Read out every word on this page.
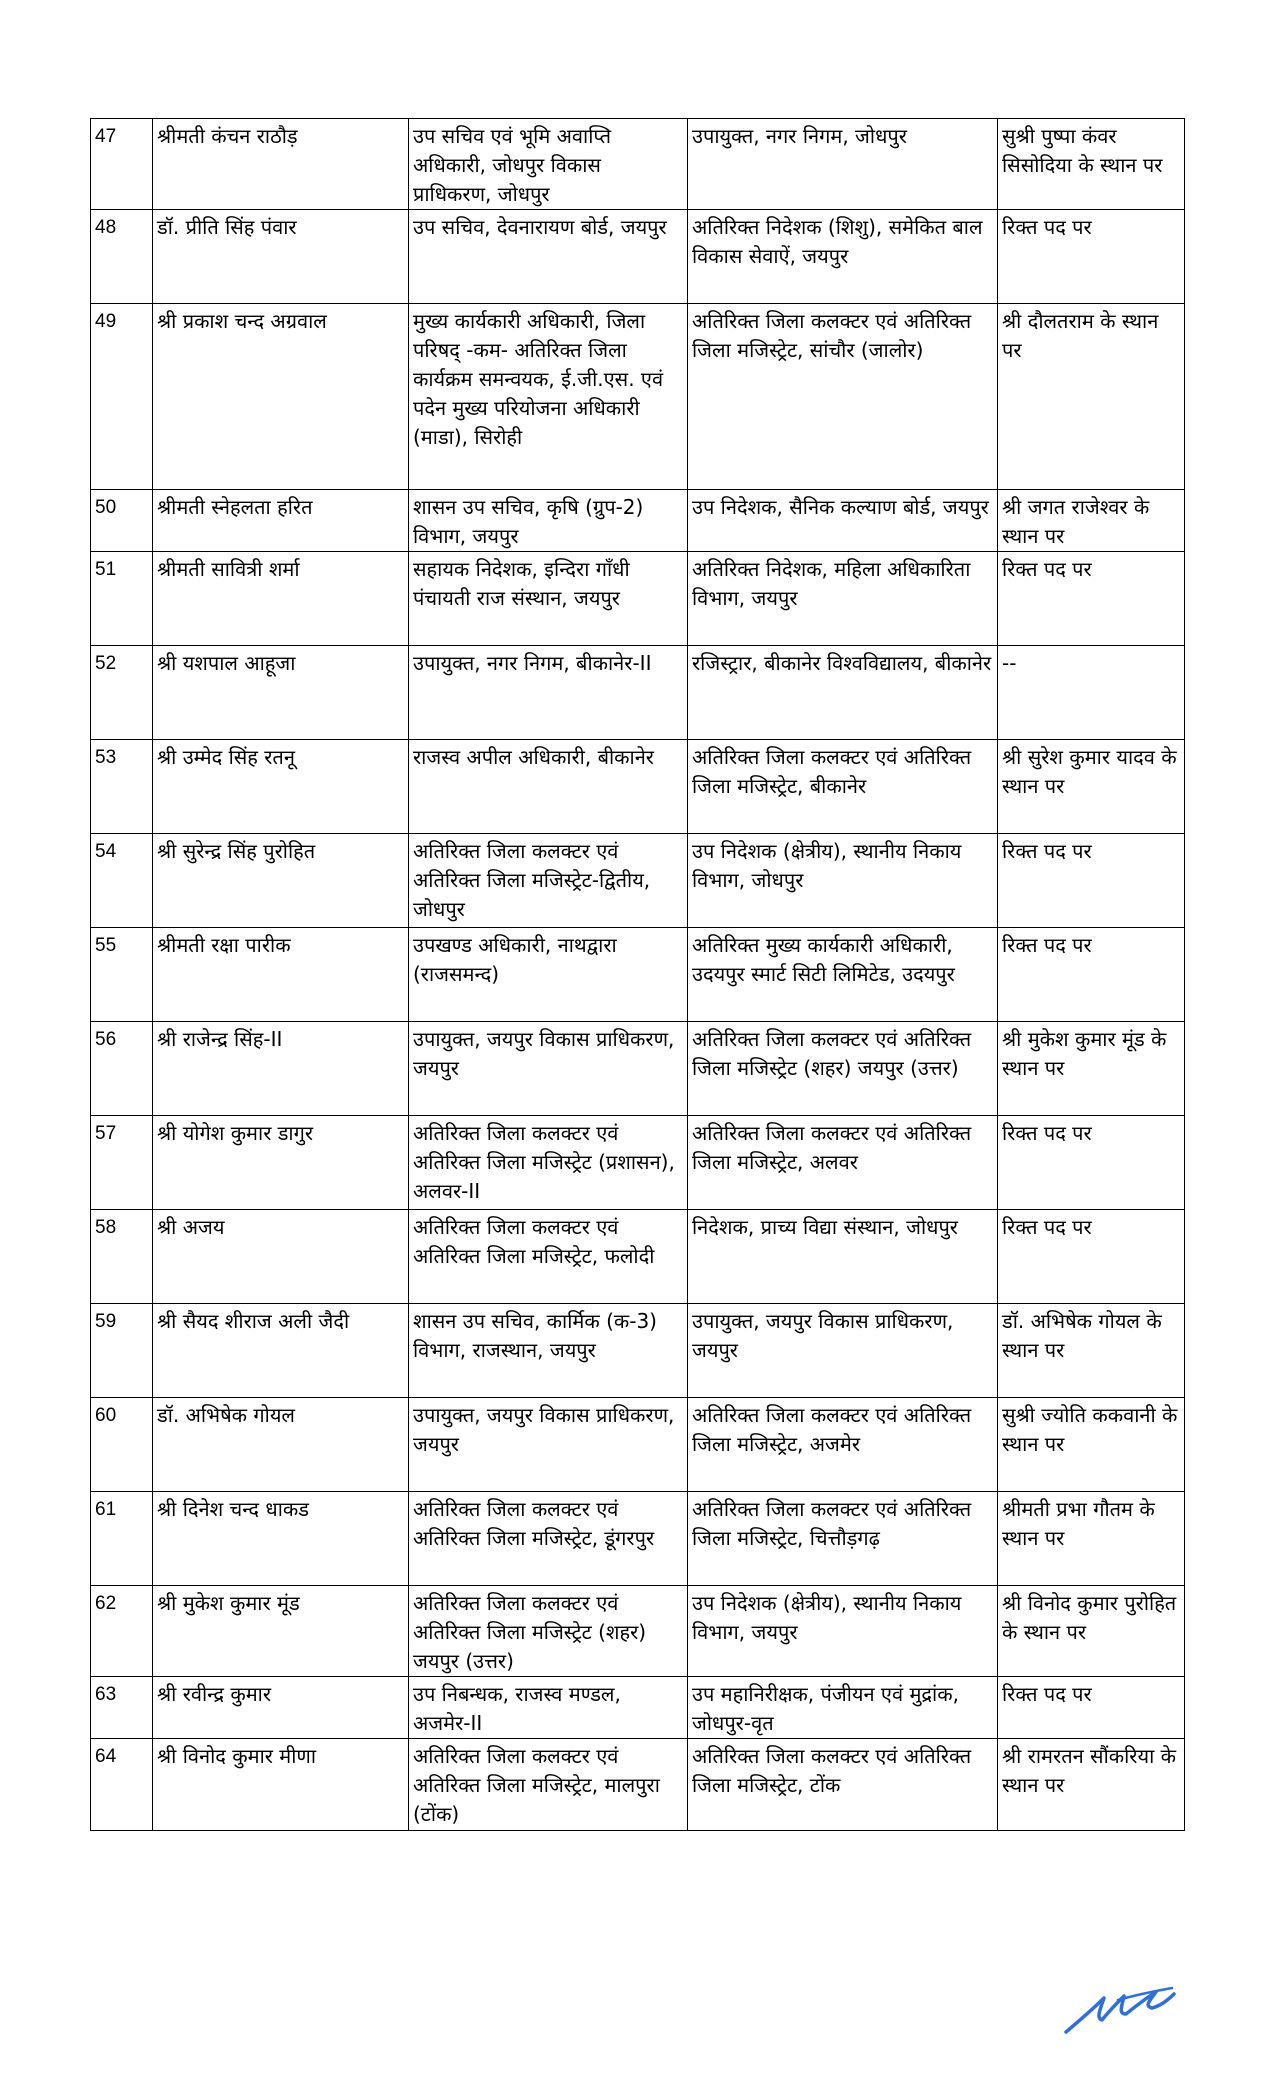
47	श्रीमती कंचन राठौड़	उप सचिव एवं भूमि अवाप्ति अधिकारी, जोधपुर विकास प्राधिकरण, जोधपुर	उपायुक्त, नगर निगम, जोधपुर	सुश्री पुष्पा कंवर सिसोदिया के स्थान पर
48	डॉ. प्रीति सिंह पंवार	उप सचिव, देवनारायण बोर्ड, जयपुर	अतिरिक्त निदेशक (शिशु), समेकित बाल विकास सेवाऐं, जयपुर	रिक्त पद पर
49	श्री प्रकाश चन्द अग्रवाल	मुख्य कार्यकारी अधिकारी, जिला परिषद् -कम- अतिरिक्त जिला कार्यक्रम समन्वयक, ई.जी.एस. एवं पदेन मुख्य परियोजना अधिकारी (माडा), सिरोही	अतिरिक्त जिला कलक्टर एवं अतिरिक्त जिला मजिस्ट्रेट, सांचौर (जालोर)	श्री दौलतराम के स्थान पर
50	श्रीमती स्नेहलता हरित	शासन उप सचिव, कृषि (ग्रुप-2) विभाग, जयपुर	उप निदेशक, सैनिक कल्याण बोर्ड, जयपुर	श्री जगत राजेश्वर के स्थान पर
51	श्रीमती सावित्री शर्मा	सहायक निदेशक, इन्दिरा गाँधी पंचायती राज संस्थान, जयपुर	अतिरिक्त निदेशक, महिला अधिकारिता विभाग, जयपुर	रिक्त पद पर
52	श्री यशपाल आहूजा	उपायुक्त, नगर निगम, बीकानेर-II	रजिस्ट्रार, बीकानेर विश्वविद्यालय, बीकानेर	--
53	श्री उम्मेद सिंह रतनू	राजस्व अपील अधिकारी, बीकानेर	अतिरिक्त जिला कलक्टर एवं अतिरिक्त जिला मजिस्ट्रेट, बीकानेर	श्री सुरेश कुमार यादव के स्थान पर
54	श्री सुरेन्द्र सिंह पुरोहित	अतिरिक्त जिला कलक्टर एवं अतिरिक्त जिला मजिस्ट्रेट-द्वितीय, जोधपुर	उप निदेशक (क्षेत्रीय), स्थानीय निकाय विभाग, जोधपुर	रिक्त पद पर
55	श्रीमती रक्षा पारीक	उपखण्ड अधिकारी, नाथद्वारा (राजसमन्द)	अतिरिक्त मुख्य कार्यकारी अधिकारी, उदयपुर स्मार्ट सिटी लिमिटेड, उदयपुर	रिक्त पद पर
56	श्री राजेन्द्र सिंह-II	उपायुक्त, जयपुर विकास प्राधिकरण, जयपुर	अतिरिक्त जिला कलक्टर एवं अतिरिक्त जिला मजिस्ट्रेट (शहर) जयपुर (उत्तर)	श्री मुकेश कुमार मूंड के स्थान पर
57	श्री योगेश कुमार डागुर	अतिरिक्त जिला कलक्टर एवं अतिरिक्त जिला मजिस्ट्रेट (प्रशासन), अलवर-II	अतिरिक्त जिला कलक्टर एवं अतिरिक्त जिला मजिस्ट्रेट, अलवर	रिक्त पद पर
58	श्री अजय	अतिरिक्त जिला कलक्टर एवं अतिरिक्त जिला मजिस्ट्रेट, फलोदी	निदेशक, प्राच्य विद्या संस्थान, जोधपुर	रिक्त पद पर
59	श्री सैयद शीराज अली जैदी	शासन उप सचिव, कार्मिक (क-3) विभाग, राजस्थान, जयपुर	उपायुक्त, जयपुर विकास प्राधिकरण, जयपुर	डॉ. अभिषेक गोयल के स्थान पर
60	डॉ. अभिषेक गोयल	उपायुक्त, जयपुर विकास प्राधिकरण, जयपुर	अतिरिक्त जिला कलक्टर एवं अतिरिक्त जिला मजिस्ट्रेट, अजमेर	सुश्री ज्योति ककवानी के स्थान पर
61	श्री दिनेश चन्द धाकड	अतिरिक्त जिला कलक्टर एवं अतिरिक्त जिला मजिस्ट्रेट, डूंगरपुर	अतिरिक्त जिला कलक्टर एवं अतिरिक्त जिला मजिस्ट्रेट, चित्तौड़गढ़	श्रीमती प्रभा गौतम के स्थान पर
62	श्री मुकेश कुमार मूंड	अतिरिक्त जिला कलक्टर एवं अतिरिक्त जिला मजिस्ट्रेट (शहर) जयपुर (उत्तर)	उप निदेशक (क्षेत्रीय), स्थानीय निकाय विभाग, जयपुर	श्री विनोद कुमार पुरोहित के स्थान पर
63	श्री रवीन्द्र कुमार	उप निबन्धक, राजस्व मण्डल, अजमेर-II	उप महानिरीक्षक, पंजीयन एवं मुद्रांक, जोधपुर-वृत	रिक्त पद पर
64	श्री विनोद कुमार मीणा	अतिरिक्त जिला कलक्टर एवं अतिरिक्त जिला मजिस्ट्रेट, मालपुरा (टोंक)	अतिरिक्त जिला कलक्टर एवं अतिरिक्त जिला मजिस्ट्रेट, टोंक	श्री रामरतन सौंकरिया के स्थान पर
